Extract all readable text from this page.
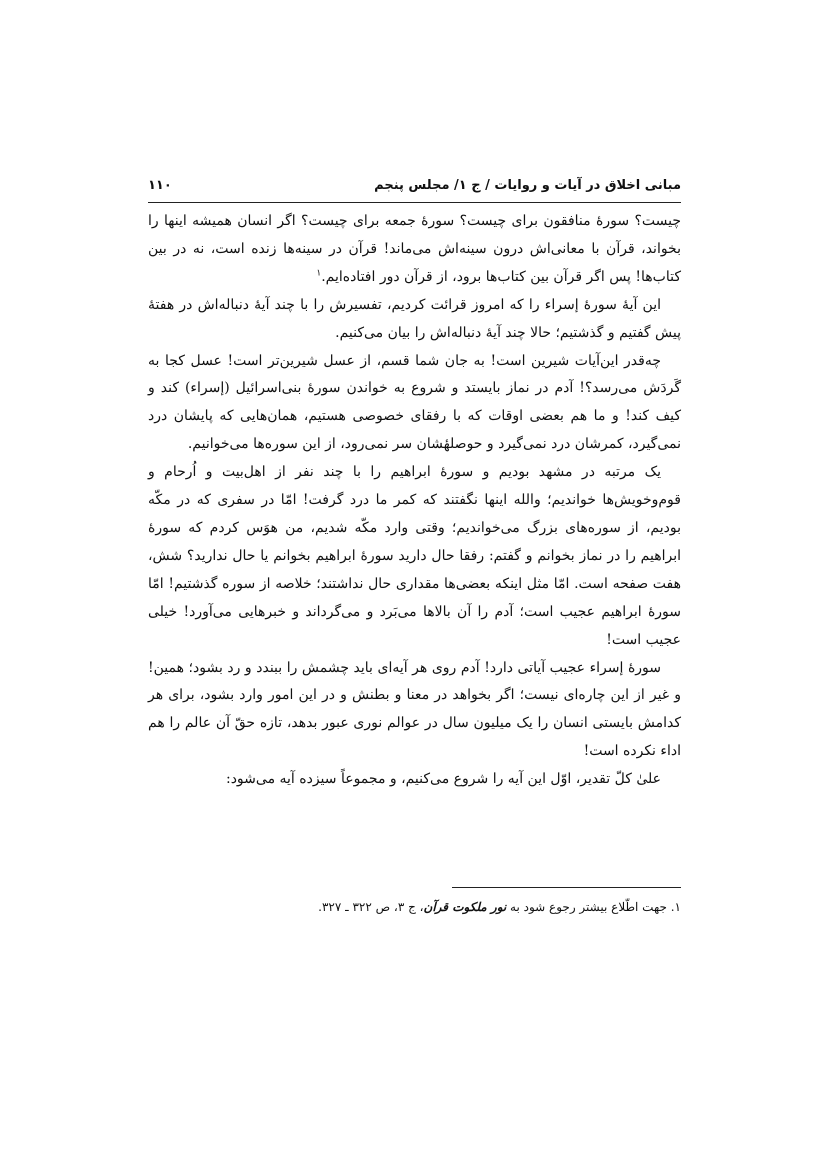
مبانی اخلاق در آیات و روایات / ج ۱/ مجلس پنجم
۱۱۰

چیست؟ سورهٔ منافقون برای چیست؟ سورهٔ جمعه برای چیست؟ اگر انسان همیشه اینها را بخواند، قرآن با معانی‌اش درون سینه‌اش می‌ماند! قرآن در سینه‌ها زنده است، نه در بین کتاب‌ها! پس اگر قرآن بین کتاب‌ها برود، از قرآن دور افتاده‌ایم.$^۱$

این آیهٔ سورهٔ إسراء را که امروز قرائت کردیم، تفسیرش را با چند آیهٔ دنباله‌اش در هفتهٔ پیش گفتیم و گذشتیم؛ حالا چند آیهٔ دنباله‌اش را بیان می‌کنیم.

چه‌قدر این‌آیات شیرین است! به جان شما قسم، از عسل شیرین‌تر است! عسل کجا به گَردَش می‌رسد؟! آدم در نماز بایستد و شروع به خواندن سورهٔ بنی‌اسرائیل (إسراء) کند و کیف کند! و ما هم بعضی اوقات که با رفقای خصوصی هستیم، همان‌هایی که پایشان درد نمی‌گیرد، کمرشان درد نمی‌گیرد و حوصلهٔشان سر نمی‌رود، از این سوره‌ها می‌خوانیم.

یک مرتبه در مشهد بودیم و سورهٔ ابراهیم را با چند نفر از اهل‌بیت و اُرحام و قوم‌وخویش‌ها خواندیم؛ والله اینها نگفتند که کمر ما درد گرفت! امّا در سفری که در مکّه بودیم، از سوره‌های بزرگ می‌خواندیم؛ وقتی وارد مکّه شدیم، من هوَس کردم که سورهٔ ابراهیم را در نماز بخوانم و گفتم: رفقا حال دارید سورهٔ ابراهیم بخوانم یا حال ندارید؟ شش، هفت صفحه است. امّا مثل اینکه بعضی‌ها مقداری حال نداشتند؛ خلاصه از سوره گذشتیم! امّا سورهٔ ابراهیم عجیب است؛ آدم را آن بالاها می‌بَرد و می‌گرداند و خبرهایی می‌آورد! خیلی عجیب است!

سورهٔ إسراء عجیب آیاتی دارد! آدم روی هر آیه‌ای باید چشمش را ببندد و رد بشود؛ همین! و غیر از این چاره‌ای نیست؛ اگر بخواهد در معنا و بطنش و در این امور وارد بشود، برای هر کدامش بایستی انسان را یک میلیون سال در عوالم نوری عبور بدهد، تازه حقّ آن عالم را هم اداء نکرده است!

علیٰ کلّ تقدیر، اوّل این آیه را شروع می‌کنیم، و مجموعاً سیزده آیه می‌شود:

۱. جهت اطّلاع بیشتر رجوع شود به نور ملکوت قرآن، ج ۳، ص ۳۲۲ ـ ۳۲۷.
